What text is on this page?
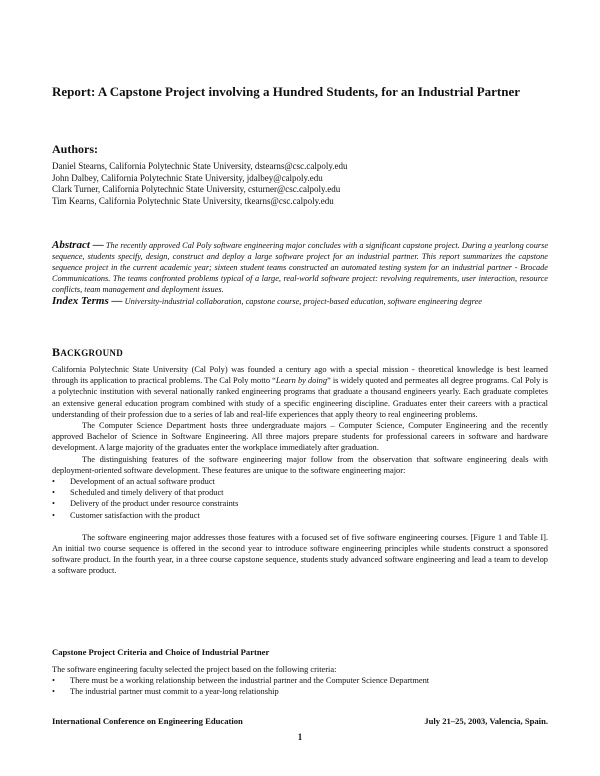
Report: A Capstone Project involving a Hundred Students, for an Industrial Partner
Authors:
Daniel Stearns, California Polytechnic State University, dstearns@csc.calpoly.edu
John Dalbey, California Polytechnic State University, jdalbey@calpoly.edu
Clark Turner, California Polytechnic State University, csturner@csc.calpoly.edu
Tim Kearns, California Polytechnic State University, tkearns@csc.calpoly.edu
Abstract — The recently approved Cal Poly software engineering major concludes with a significant capstone project. During a yearlong course sequence, students specify, design, construct and deploy a large software project for an industrial partner. This report summarizes the capstone sequence project in the current academic year; sixteen student teams constructed an automated testing system for an industrial partner - Brocade Communications. The teams confronted problems typical of a large, real-world software project: revolving requirements, user interaction, resource conflicts, team management and deployment issues.
Index Terms — University-industrial collaboration, capstone course, project-based education, software engineering degree
BACKGROUND

California Polytechnic State University (Cal Poly) was founded a century ago with a special mission - theoretical knowledge is best learned through its application to practical problems. The Cal Poly motto “Learn by doing” is widely quoted and permeates all degree programs. Cal Poly is a polytechnic institution with several nationally ranked engineering programs that graduate a thousand engineers yearly. Each graduate completes an extensive general education program combined with study of a specific engineering discipline. Graduates enter their careers with a practical understanding of their profession due to a series of lab and real-life experiences that apply theory to real engineering problems.

The Computer Science Department hosts three undergraduate majors – Computer Science, Computer Engineering and the recently approved Bachelor of Science in Software Engineering. All three majors prepare students for professional careers in software and hardware development. A large majority of the graduates enter the workplace immediately after graduation.

The distinguishing features of the software engineering major follow from the observation that software engineering deals with deployment-oriented software development. These features are unique to the software engineering major:

• Development of an actual software product
• Scheduled and timely delivery of that product
• Delivery of the product under resource constraints
• Customer satisfaction with the product

The software engineering major addresses those features with a focused set of five software engineering courses. [Figure 1 and Table I]. An initial two course sequence is offered in the second year to introduce software engineering principles while students construct a sponsored software product. In the fourth year, in a three course capstone sequence, students study advanced software engineering and lead a team to develop a software product.

Capstone Project Criteria and Choice of Industrial Partner

The software engineering faculty selected the project based on the following criteria:

• There must be a working relationship between the industrial partner and the Computer Science Department
• The industrial partner must commit to a year-long relationship
International Conference on Engineering Education	July 21–25, 2003, Valencia, Spain.
1
